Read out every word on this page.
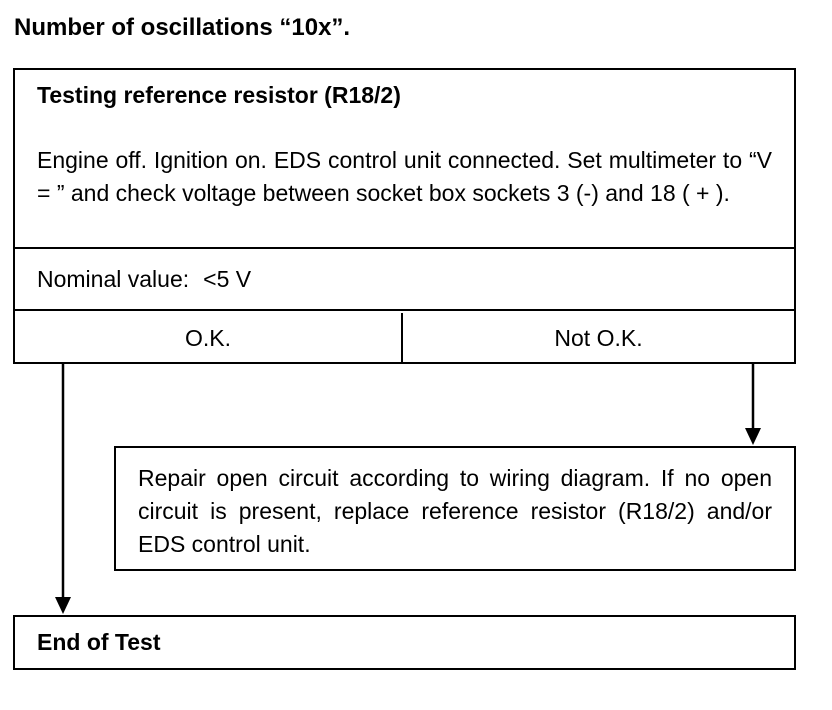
Number of oscillations “10x”.
Testing reference resistor (R18/2)
Engine off. Ignition on. EDS control unit connected. Set multimeter to “V = ” and check voltage between socket box sockets 3 (-) and 18 ( + ).
Nominal value: <5 V
O.K.	Not O.K.
Repair open circuit according to wiring diagram. If no open circuit is present, replace reference resistor (R18/2) and/or EDS control unit.
End of Test
